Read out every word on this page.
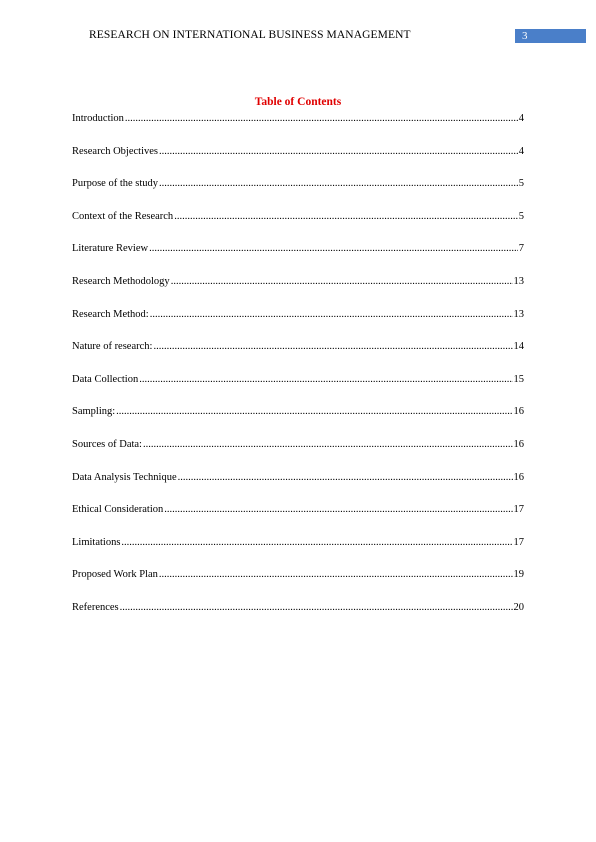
RESEARCH ON INTERNATIONAL BUSINESS MANAGEMENT	3
Table of Contents
Introduction .....	4
Research Objectives .....	4
Purpose of the study .....	5
Context of the Research .....	5
Literature Review .....	7
Research Methodology .....	13
Research Method: .....	13
Nature of research: .....	14
Data Collection .....	15
Sampling: .....	16
Sources of Data: .....	16
Data Analysis Technique .....	16
Ethical Consideration .....	17
Limitations .....	17
Proposed Work Plan .....	19
References .....	20
